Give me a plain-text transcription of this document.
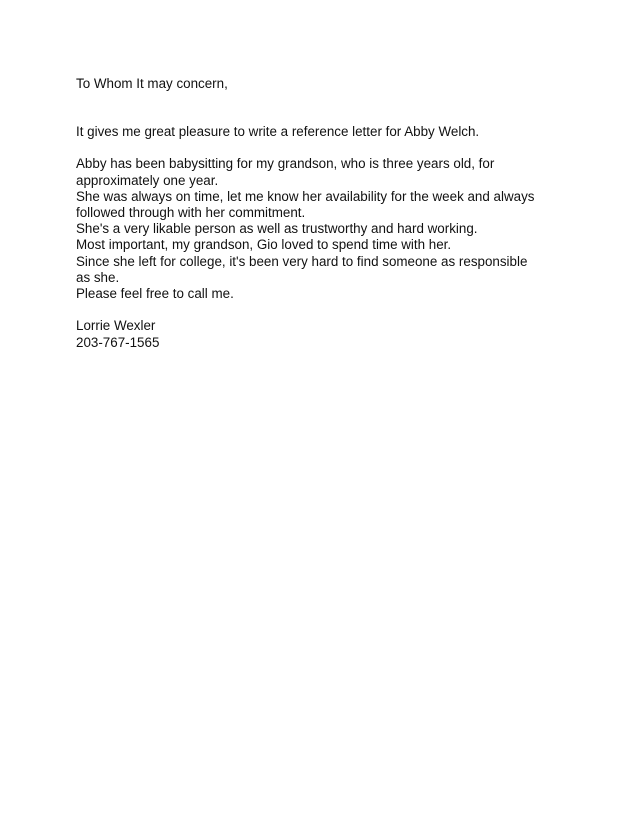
To Whom It may concern,
It gives me great pleasure to write a reference letter for Abby Welch.
Abby has been babysitting for my grandson, who is three years old, for
approximately one year.
She was always on time, let me know her availability for the week and always
followed through with her commitment.
She's a very likable person as well as trustworthy and hard working.
Most important, my grandson, Gio loved to spend time with her.
Since she left for college, it's been very hard to find someone as responsible
as she.
Please feel free to call me.
Lorrie Wexler
203-767-1565
